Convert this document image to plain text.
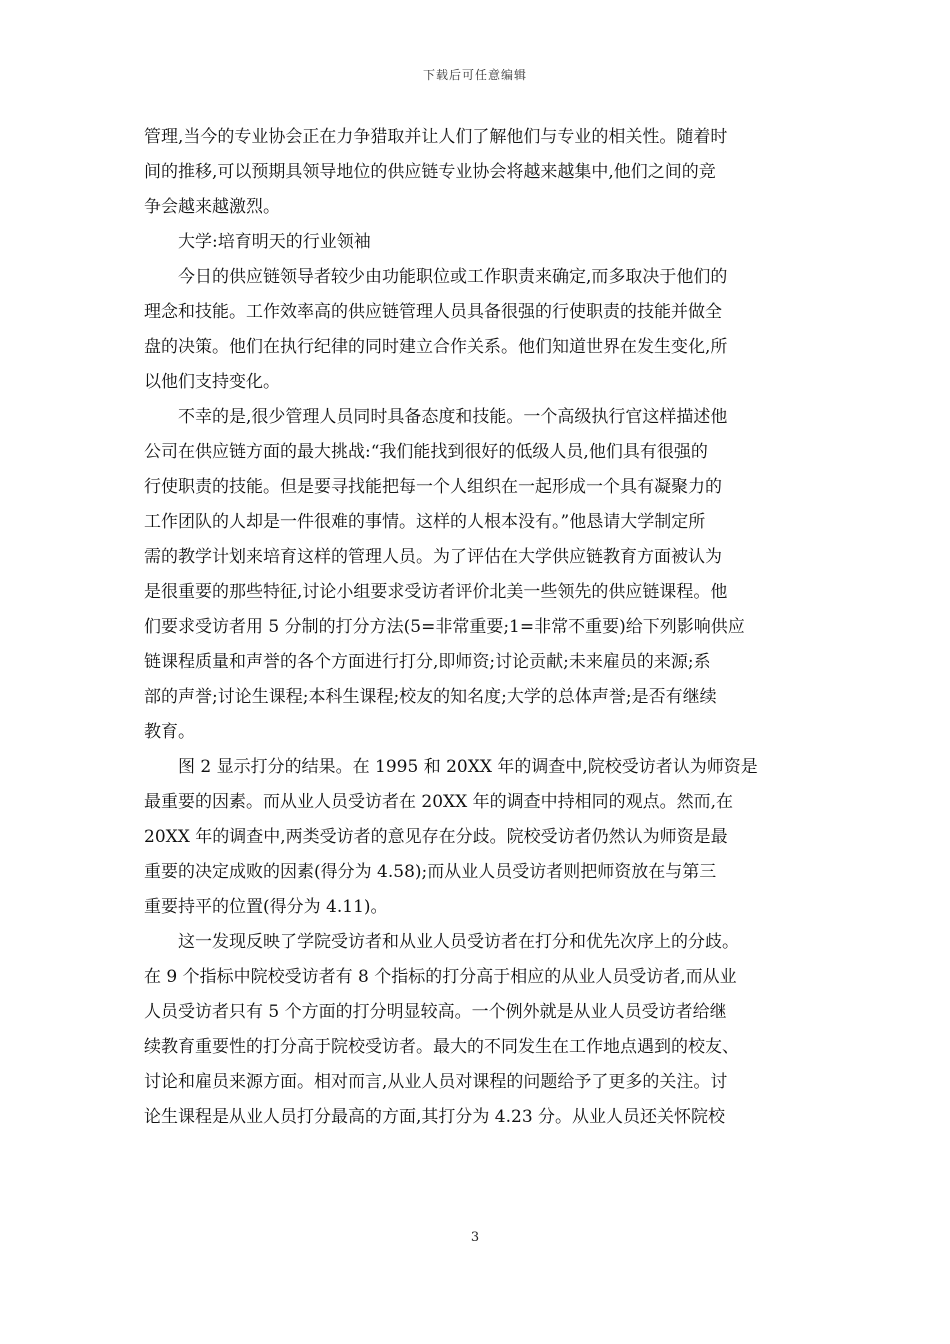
下载后可任意编辑
管理,当今的专业协会正在力争猎取并让人们了解他们与专业的相关性。随着时
间的推移,可以预期具领导地位的供应链专业协会将越来越集中,他们之间的竞
争会越来越激烈。
大学:培育明天的行业领袖
今日的供应链领导者较少由功能职位或工作职责来确定,而多取决于他们的
理念和技能。工作效率高的供应链管理人员具备很强的行使职责的技能并做全
盘的决策。他们在执行纪律的同时建立合作关系。他们知道世界在发生变化,所
以他们支持变化。
不幸的是,很少管理人员同时具备态度和技能。一个高级执行官这样描述他
公司在供应链方面的最大挑战:“我们能找到很好的低级人员,他们具有很强的
行使职责的技能。但是要寻找能把每一个人组织在一起形成一个具有凝聚力的
工作团队的人却是一件很难的事情。这样的人根本没有。”他恳请大学制定所
需的教学计划来培育这样的管理人员。为了评估在大学供应链教育方面被认为
是很重要的那些特征,讨论小组要求受访者评价北美一些领先的供应链课程。他
们要求受访者用 5 分制的打分方法(5=非常重要;1=非常不重要)给下列影响供应
链课程质量和声誉的各个方面进行打分,即师资;讨论贡献;未来雇员的来源;系
部的声誉;讨论生课程;本科生课程;校友的知名度;大学的总体声誉;是否有继续
教育。
图 2 显示打分的结果。在 1995 和 20XX 年的调查中,院校受访者认为师资是
最重要的因素。而从业人员受访者在 20XX 年的调查中持相同的观点。然而,在
20XX 年的调查中,两类受访者的意见存在分歧。院校受访者仍然认为师资是最
重要的决定成败的因素(得分为 4.58);而从业人员受访者则把师资放在与第三
重要持平的位置(得分为 4.11)。
这一发现反映了学院受访者和从业人员受访者在打分和优先次序上的分歧。
在 9 个指标中院校受访者有 8 个指标的打分高于相应的从业人员受访者,而从业
人员受访者只有 5 个方面的打分明显较高。一个例外就是从业人员受访者给继
续教育重要性的打分高于院校受访者。最大的不同发生在工作地点遇到的校友、
讨论和雇员来源方面。相对而言,从业人员对课程的问题给予了更多的关注。讨
论生课程是从业人员打分最高的方面,其打分为 4.23 分。从业人员还关怀院校
3
